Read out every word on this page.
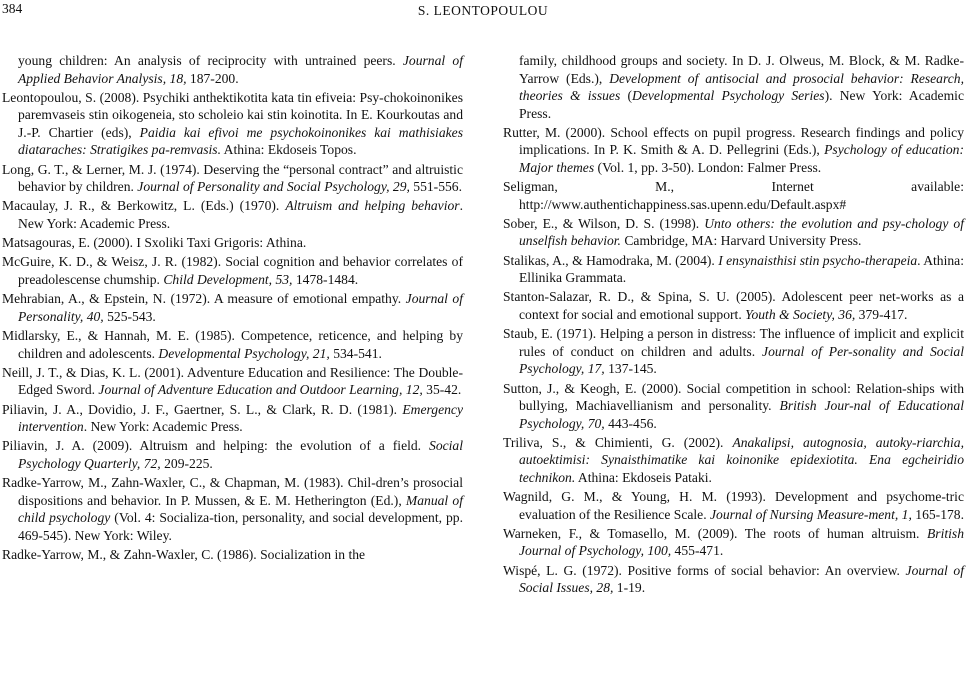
384	S. LEONTOPOULOU

young children: An analysis of reciprocity with untrained peers. Journal of Applied Behavior Analysis, 18, 187-200.

Leontopoulou, S. (2008). Psychiki anthektikotita kata tin efiveia: Psy-chokoinonikes paremvaseis stin oikogeneia, sto scholeio kai stin koinotita. In E. Kourkoutas and J.-P. Chartier (eds), Paidia kai efivoi me psychokoinonikes kai mathisiakes diataraches: Stratigikes pa-remvasis. Athina: Ekdoseis Topos.

Long, G. T., & Lerner, M. J. (1974). Deserving the “personal contract” and altruistic behavior by children. Journal of Personality and Social Psychology, 29, 551-556.

Macaulay, J. R., & Berkowitz, L. (Eds.) (1970). Altruism and helping behavior. New York: Academic Press.

Matsagouras, E. (2000). I Sxoliki Taxi Grigoris: Athina.

McGuire, K. D., & Weisz, J. R. (1982). Social cognition and behavior correlates of preadolescense chumship. Child Development, 53, 1478-1484.

Mehrabian, A., & Epstein, N. (1972). A measure of emotional empathy. Journal of Personality, 40, 525-543.

Midlarsky, E., & Hannah, M. E. (1985). Competence, reticence, and helping by children and adolescents. Developmental Psychology, 21, 534-541.

Neill, J. T., & Dias, K. L. (2001). Adventure Education and Resilience: The Double-Edged Sword. Journal of Adventure Education and Outdoor Learning, 12, 35-42.

Piliavin, J. A., Dovidio, J. F., Gaertner, S. L., & Clark, R. D. (1981). Emergency intervention. New York: Academic Press.

Piliavin, J. A. (2009). Altruism and helping: the evolution of a field. Social Psychology Quarterly, 72, 209-225.

Radke-Yarrow, M., Zahn-Waxler, C., & Chapman, M. (1983). Chil-dren’s prosocial dispositions and behavior. In P. Mussen, & E. M. Hetherington (Ed.), Manual of child psychology (Vol. 4: Socializa-tion, personality, and social development, pp. 469-545). New York: Wiley.

Radke-Yarrow, M., & Zahn-Waxler, C. (1986). Socialization in the

family, childhood groups and society. In D. J. Olweus, M. Block, & M. Radke-Yarrow (Eds.), Development of antisocial and prosocial behavior: Research, theories & issues (Developmental Psychology Series). New York: Academic Press.

Rutter, M. (2000). School effects on pupil progress. Research findings and policy implications. In P. K. Smith & A. D. Pellegrini (Eds.), Psychology of education: Major themes (Vol. 1, pp. 3-50). London: Falmer Press.

Seligman, M., Internet available: http://www.authentichappiness.sas.upenn.edu/Default.aspx#

Sober, E., & Wilson, D. S. (1998). Unto others: the evolution and psy-chology of unselfish behavior. Cambridge, MA: Harvard University Press.

Stalikas, A., & Hamodraka, M. (2004). I ensynaisthisi stin psycho-therapeia. Athina: Ellinika Grammata.

Stanton-Salazar, R. D., & Spina, S. U. (2005). Adolescent peer net-works as a context for social and emotional support. Youth & Society, 36, 379-417.

Staub, E. (1971). Helping a person in distress: The influence of implicit and explicit rules of conduct on children and adults. Journal of Per-sonality and Social Psychology, 17, 137-145.

Sutton, J., & Keogh, E. (2000). Social competition in school: Relation-ships with bullying, Machiavellianism and personality. British Jour-nal of Educational Psychology, 70, 443-456.

Triliva, S., & Chimienti, G. (2002). Anakalipsi, autognosia, autoky-riarchia, autoektimisi: Synaisthimatike kai koinonike epidexiotita. Ena egcheiridio technikon. Athina: Ekdoseis Pataki.

Wagnild, G. M., & Young, H. M. (1993). Development and psychome-tric evaluation of the Resilience Scale. Journal of Nursing Measure-ment, 1, 165-178.

Warneken, F., & Tomasello, M. (2009). The roots of human altruism. British Journal of Psychology, 100, 455-471.

Wispé, L. G. (1972). Positive forms of social behavior: An overview. Journal of Social Issues, 28, 1-19.
